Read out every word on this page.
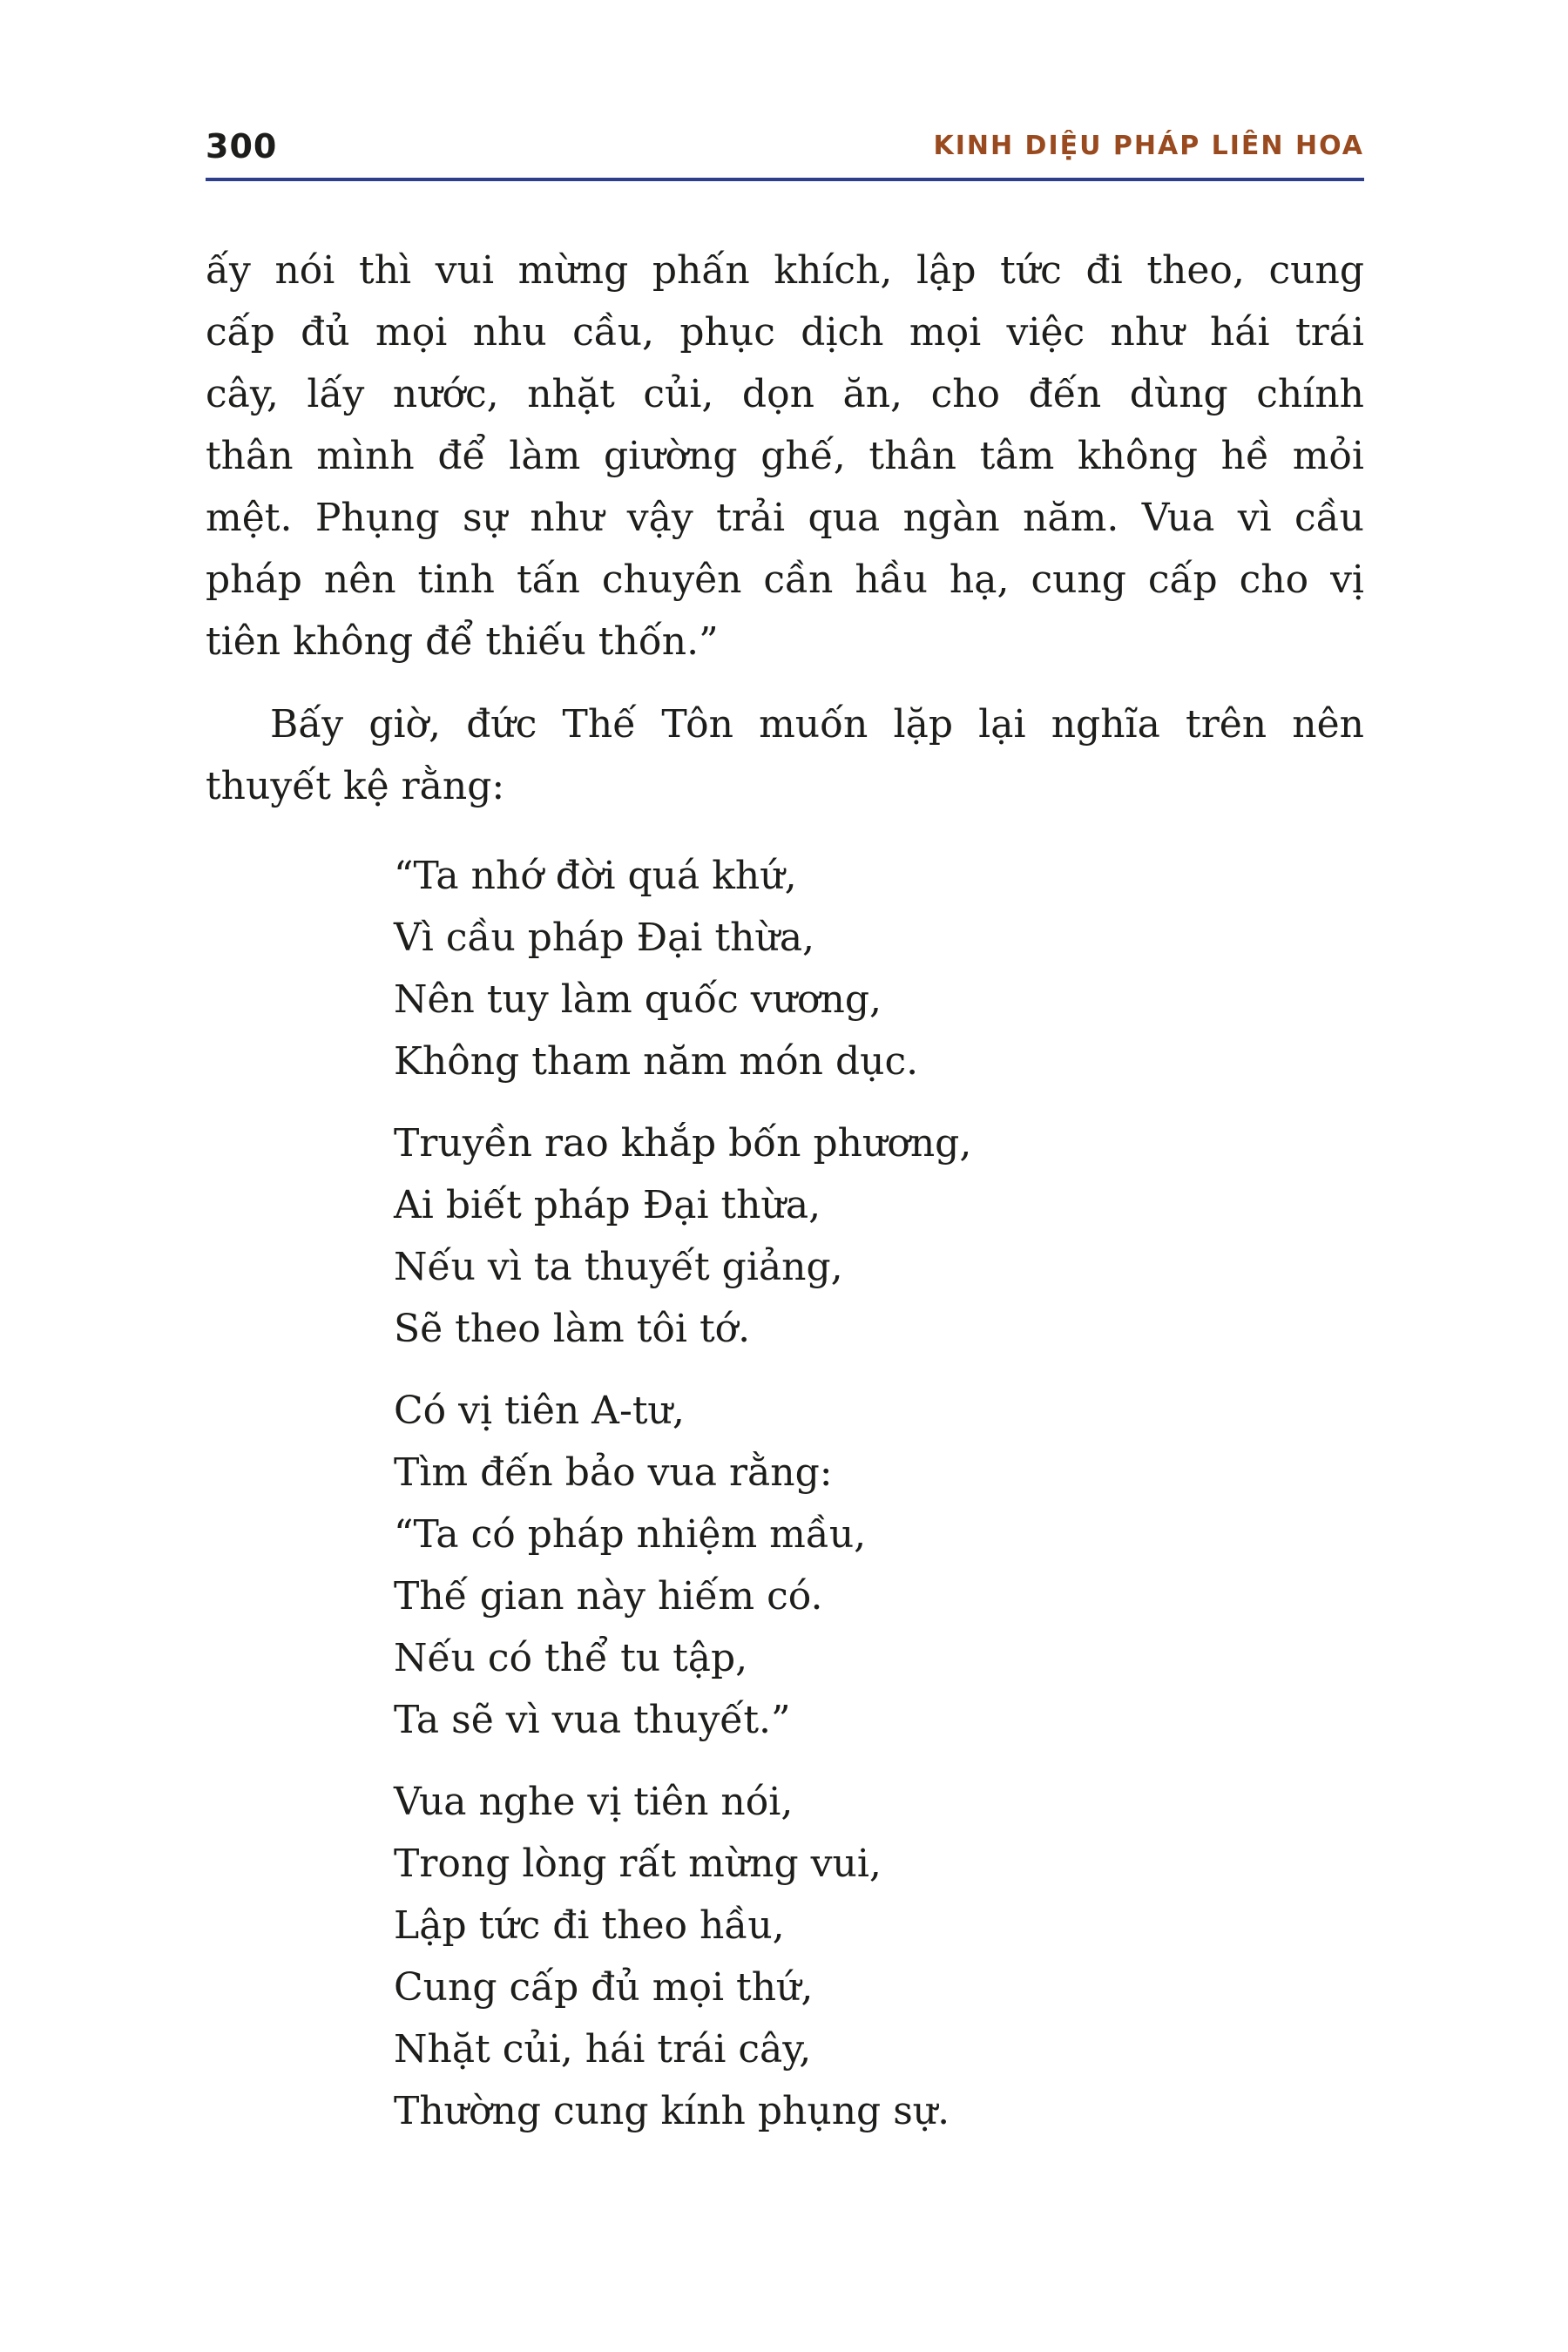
300	KINH DIỆU PHÁP LIÊN HOA

ấy nói thì vui mừng phấn khích, lập tức đi theo, cung
cấp đủ mọi nhu cầu, phục dịch mọi việc như hái trái
cây, lấy nước, nhặt củi, dọn ăn, cho đến dùng chính
thân mình để làm giường ghế, thân tâm không hề mỏi
mệt. Phụng sự như vậy trải qua ngàn năm. Vua vì cầu
pháp nên tinh tấn chuyên cần hầu hạ, cung cấp cho vị
tiên không để thiếu thốn.”

Bấy giờ, đức Thế Tôn muốn lặp lại nghĩa trên nên
thuyết kệ rằng:

“Ta nhớ đời quá khứ,
Vì cầu pháp Đại thừa,
Nên tuy làm quốc vương,
Không tham năm món dục.
Truyền rao khắp bốn phương,
Ai biết pháp Đại thừa,
Nếu vì ta thuyết giảng,
Sẽ theo làm tôi tớ.
Có vị tiên A-tư,
Tìm đến bảo vua rằng:
“Ta có pháp nhiệm mầu,
Thế gian này hiếm có.
Nếu có thể tu tập,
Ta sẽ vì vua thuyết.”
Vua nghe vị tiên nói,
Trong lòng rất mừng vui,
Lập tức đi theo hầu,
Cung cấp đủ mọi thứ,
Nhặt củi, hái trái cây,
Thường cung kính phụng sự.
